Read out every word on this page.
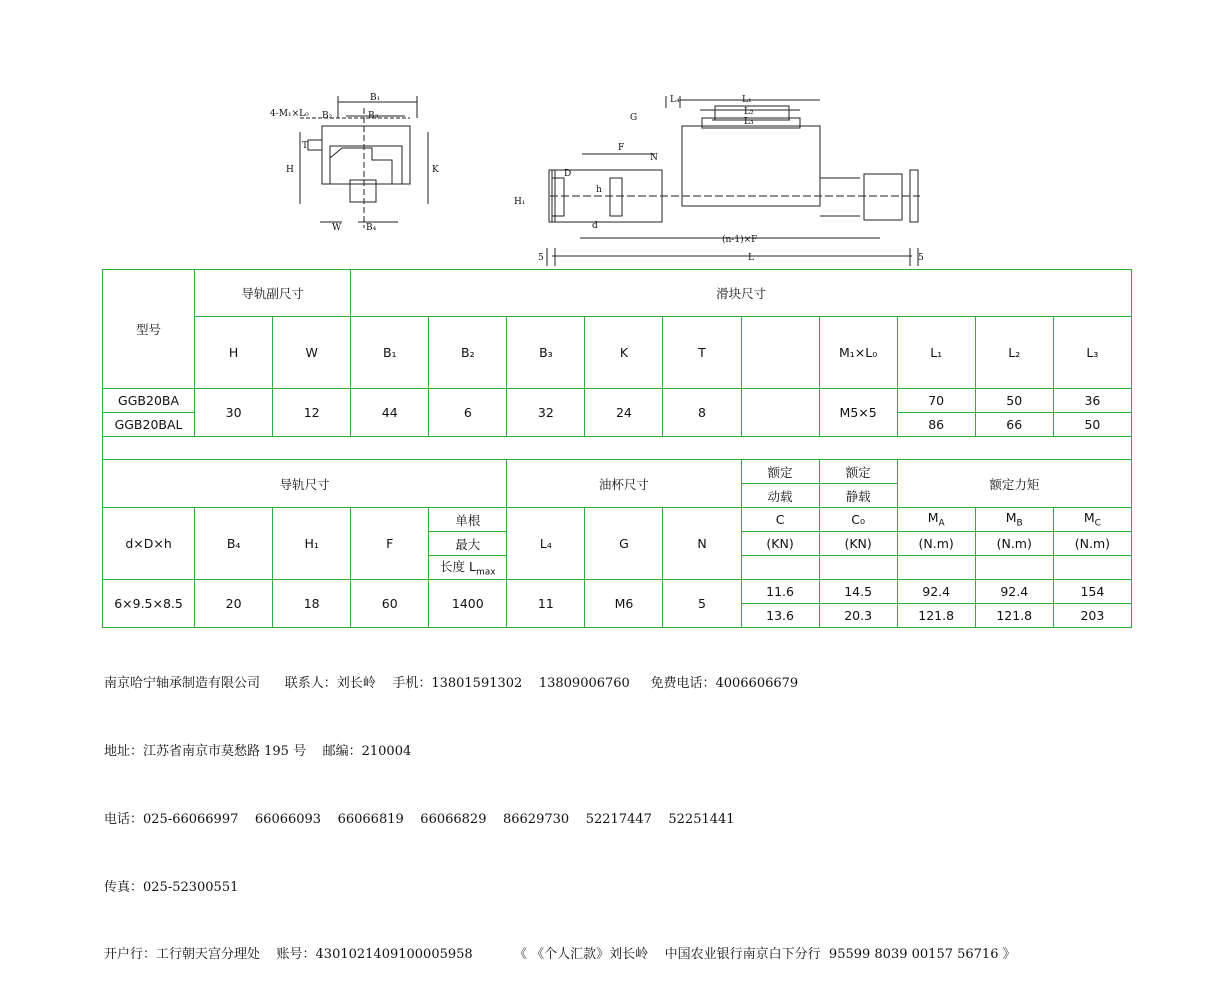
B₁
4-M₁×L₀ B₂	B₃
T
H	K
W	B₄
L₄	L₁
L₂
L₃
G
F
N
D
h
H₁
d
(n-1)×F
L
5	5
型号	导轨副尺寸		滑块尺寸									
	H	W	B₁	B₂	B₃	K	T		M₁×L₀	L₁	L₂	L₃
GGB20BA	30	12	44	6	32	24	8		M5×5	70	50	36
GGB20BAL										86	66	50

导轨尺寸					油杯尺寸			额定	额定	额定力矩		
								动载	静载			
d×D×h	B₄	H₁	F	单根	L₄	G	N	C	C₀	$M_A$	$M_B$	$M_C$
				最大				(KN)	(KN)	(N.m)	(N.m)	(N.m)
				长度 $L_{max}$					
6×9.5×8.5	20	18	60	1400	11	M6	5	11.6	14.5	92.4	92.4	154
								13.6	20.3	121.8	121.8	203

南京哈宁轴承制造有限公司      联系人：刘长岭    手机：13801591302    13809006760     免费电话：4006606679

地址：江苏省南京市莫愁路 195 号    邮编：210004

电话：025-66066997    66066093    66066819    66066829    86629730    52217447    52251441

传真：025-52300551

开户行：工行朝天宫分理处    账号：4301021409100005958          《 《个人汇款》刘长岭    中国农业银行南京白下分行  95599 8039 00157 56716 》
